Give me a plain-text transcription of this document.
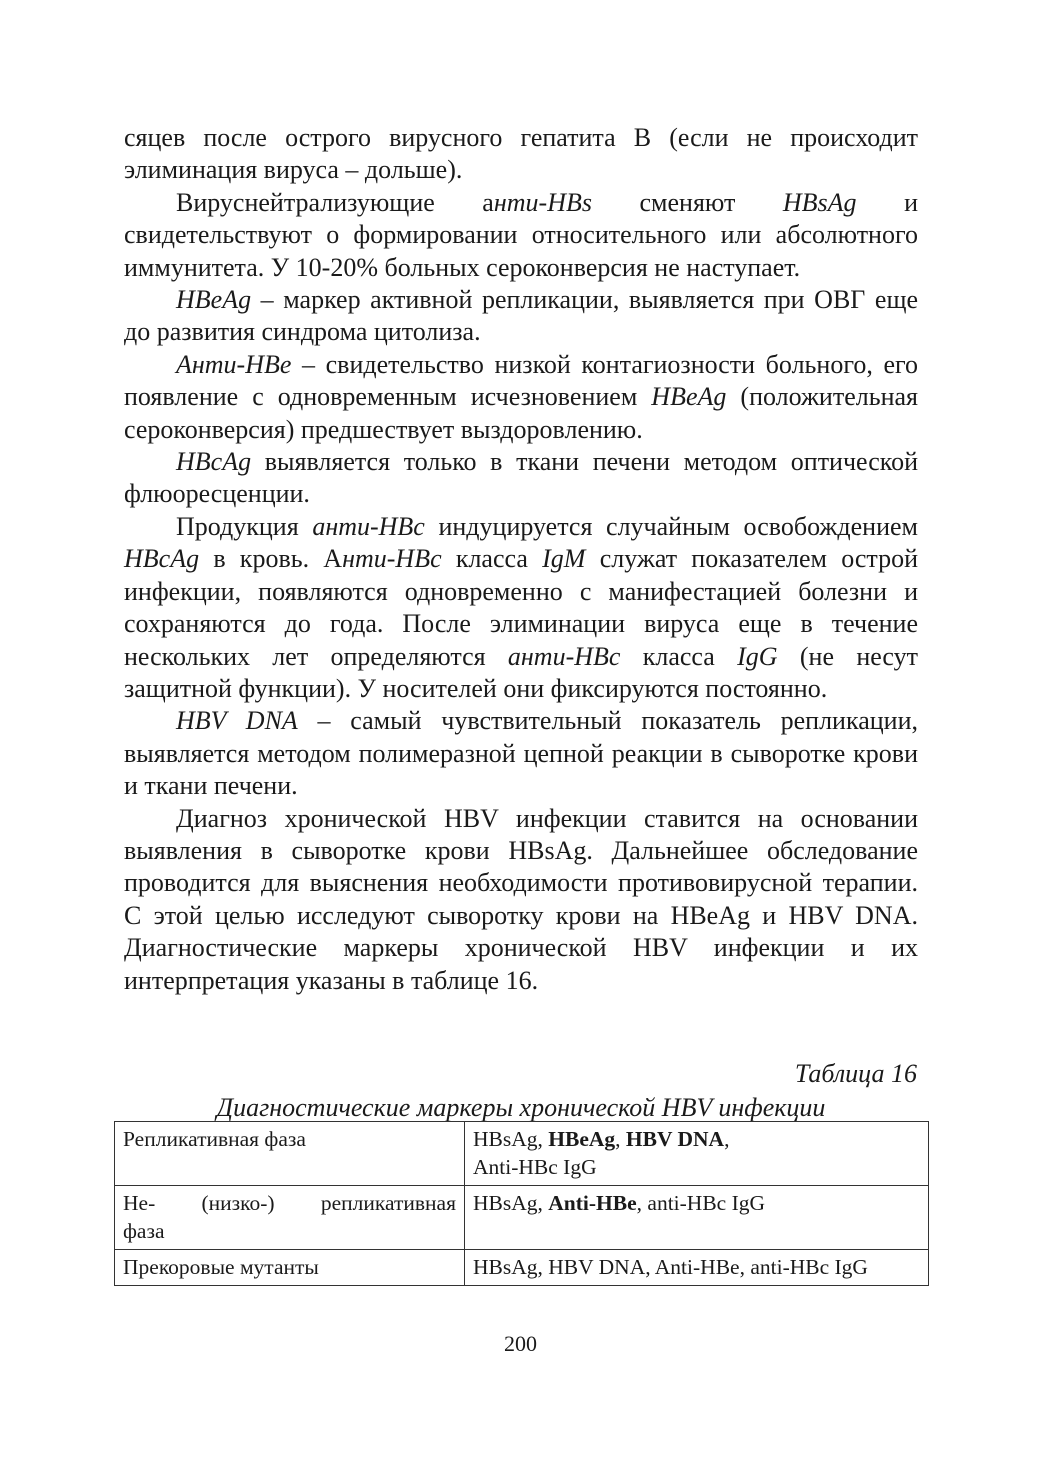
сяцев после острого вирусного гепатита В (если не происходит элиминация вируса – дольше).

Вируснейтрализующие анти-HBs сменяют HBsAg и свидетельствуют о формировании относительного или абсолютного иммунитета. У 10-20% больных сероконверсия не наступает.

HBeAg – маркер активной репликации, выявляется при ОВГ еще до развития синдрома цитолиза.

Анти-HBe – свидетельство низкой контагиозности больного, его появление с одновременным исчезновением HBeAg (положительная сероконверсия) предшествует выздоровлению.

HBcAg выявляется только в ткани печени методом оптической флюоресценции.

Продукция анти-HBc индуцируется случайным освобождением HBcAg в кровь. Анти-HBc класса IgM служат показателем острой инфекции, появляются одновременно с манифестацией болезни и сохраняются до года. После элиминации вируса еще в течение нескольких лет определяются анти-HBc класса IgG (не несут защитной функции). У носителей они фиксируются постоянно.

HBV DNA – самый чувствительный показатель репликации, выявляется методом полимеразной цепной реакции в сыворотке крови и ткани печени.

Диагноз хронической HBV инфекции ставится на основании выявления в сыворотке крови HBsAg. Дальнейшее обследование проводится для выяснения необходимости противовирусной терапии. С этой целью исследуют сыворотку крови на HBeAg и HBV DNA. Диагностические маркеры хронической HBV инфекции и их интерпретация указаны в таблице 16.

Таблица 16
Диагностические маркеры хронической HBV инфекции
Репликативная фаза	HBsAg, HBeAg, HBV DNA,
Anti-HBc IgG

Не- (низко-) репликативная
фаза	HBsAg, Anti-HBe, anti-HBc IgG
Прекоровые мутанты	HBsAg, HBV DNA, Anti-HBe, anti-HBc IgG
200
